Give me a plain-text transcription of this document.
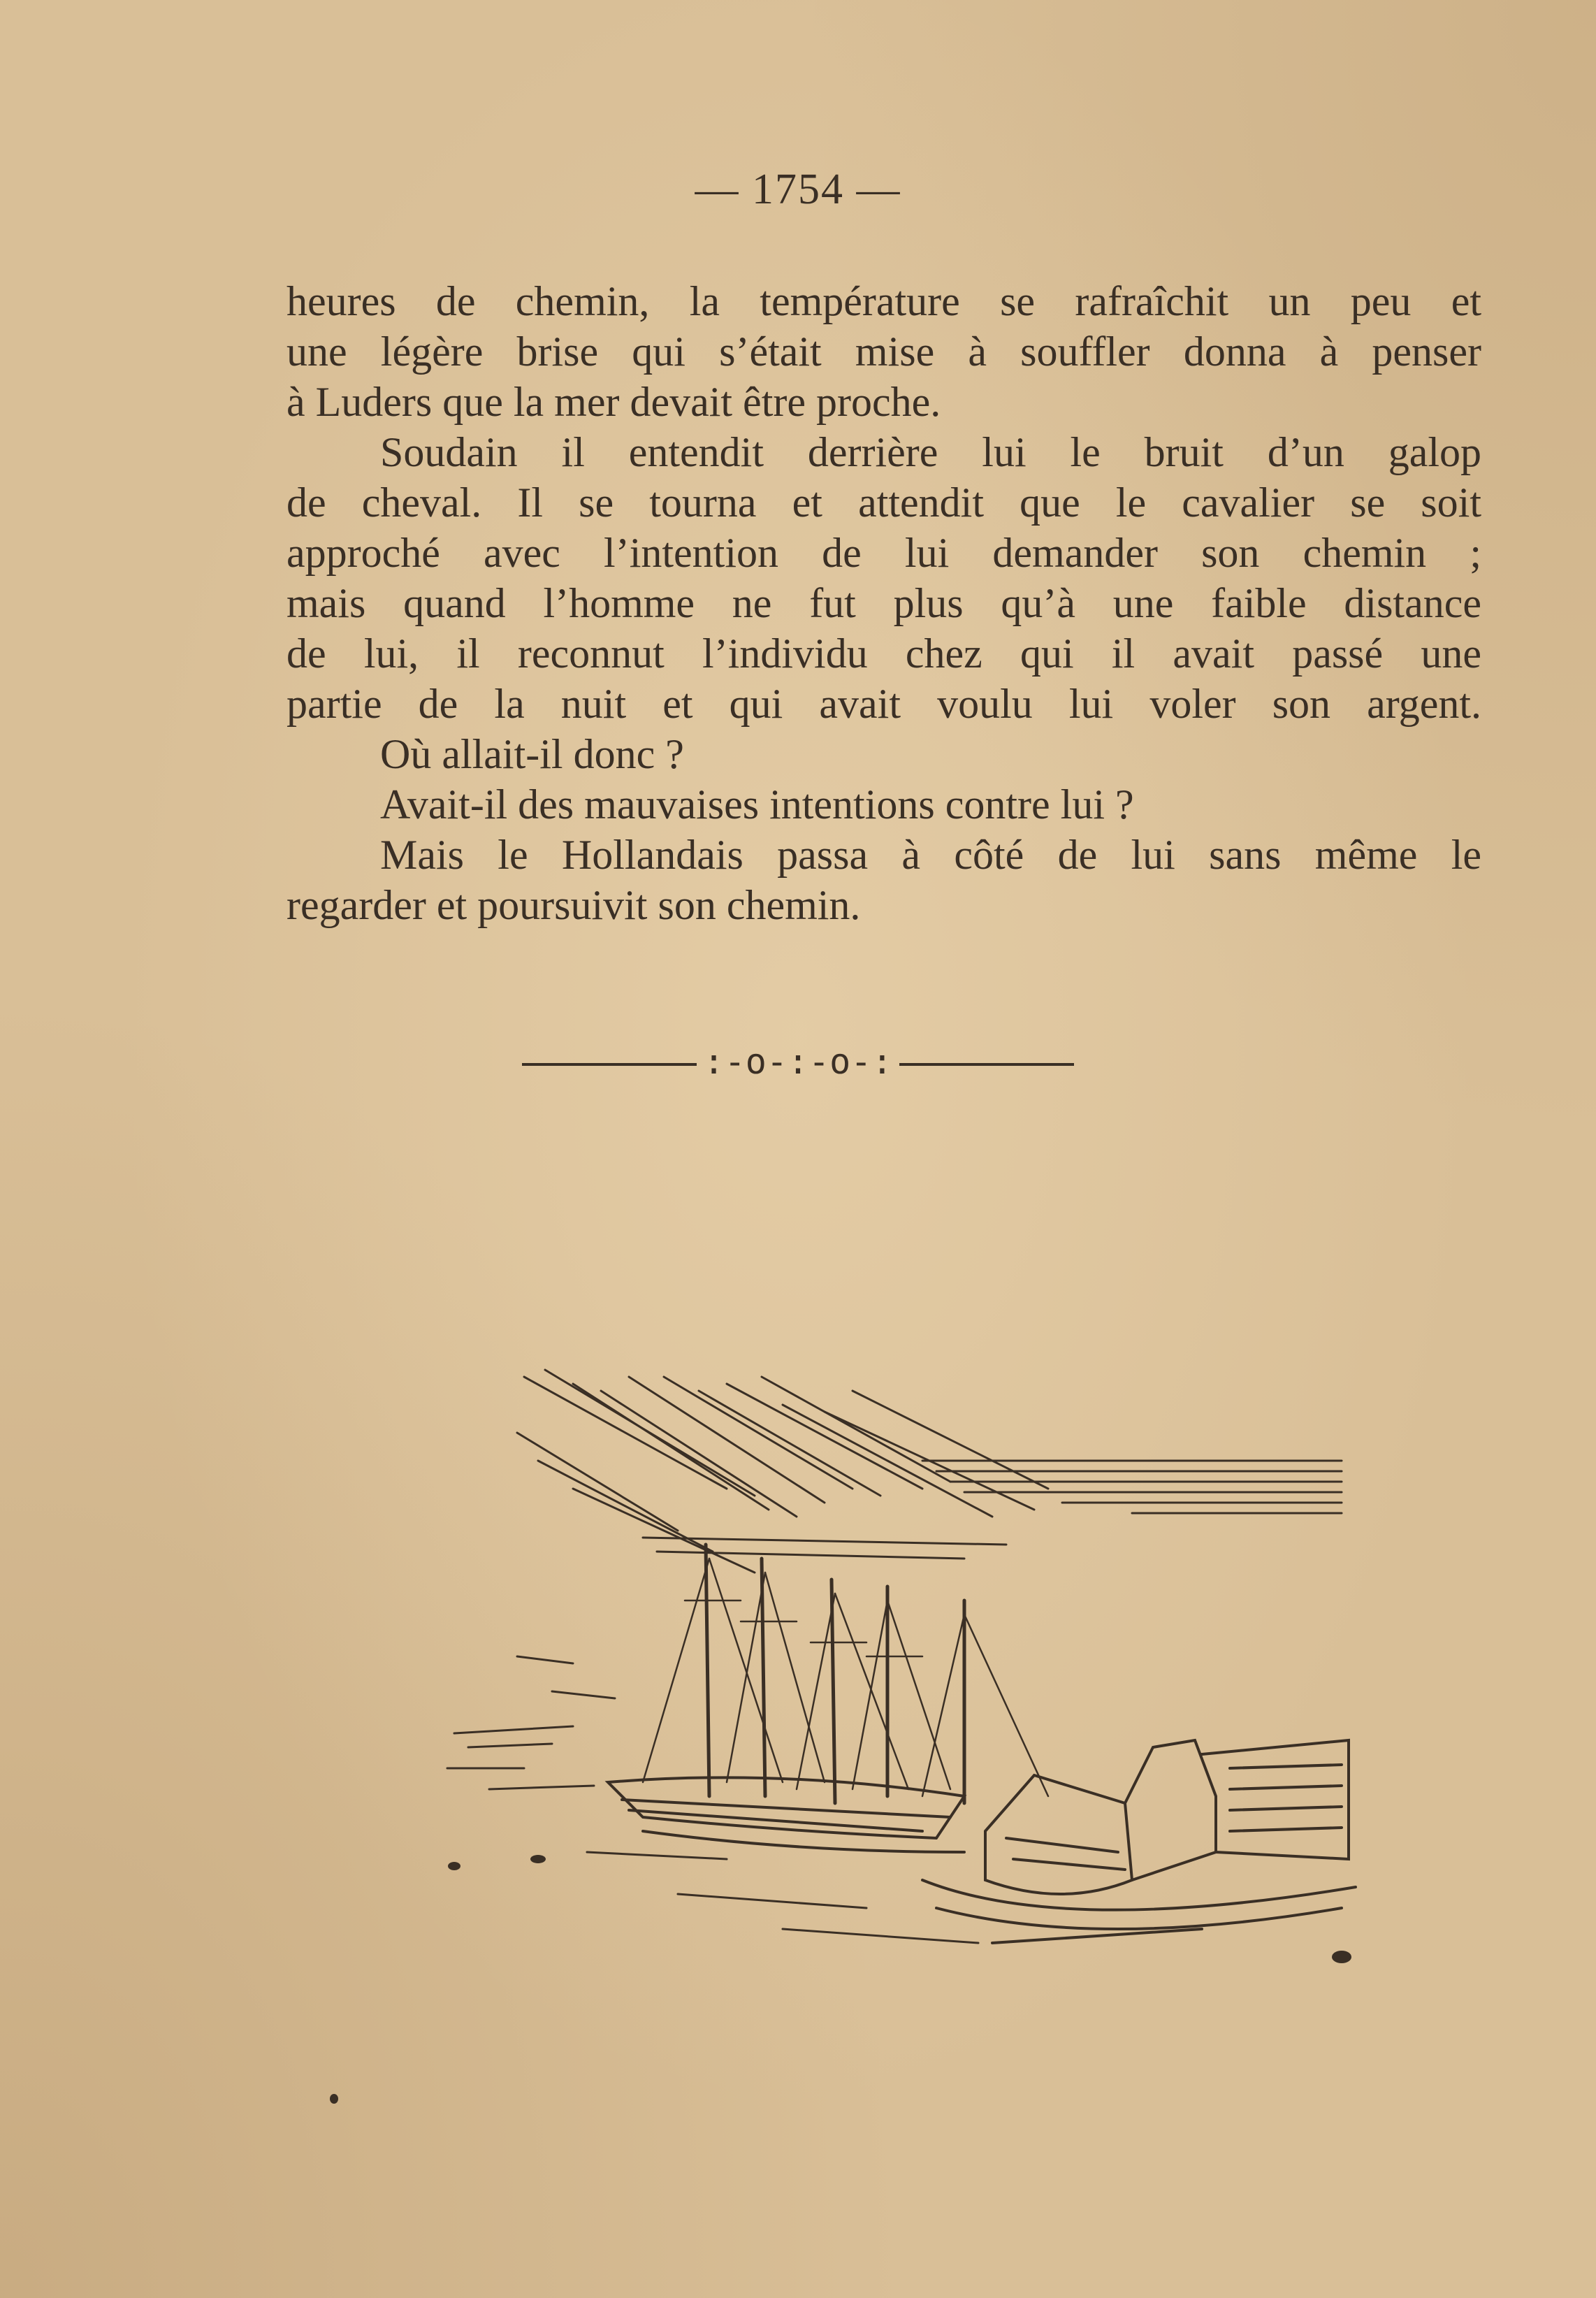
— 1754 —
heures de chemin, la température se rafraîchit un peu et
une légère brise qui s’était mise à souffler donna à penser
à Luders que la mer devait être proche.
Soudain il entendit derrière lui le bruit d’un galop
de cheval. Il se tourna et attendit que le cavalier se soit
approché avec l’intention de lui demander son chemin ;
mais quand l’homme ne fut plus qu’à une faible distance
de lui, il reconnut l’individu chez qui il avait passé une
partie de la nuit et qui avait voulu lui voler son argent.
Où allait-il donc ?
Avait-il des mauvaises intentions contre lui ?
Mais le Hollandais passa à côté de lui sans même le
regarder et poursuivit son chemin.
:-o-:-o-:
